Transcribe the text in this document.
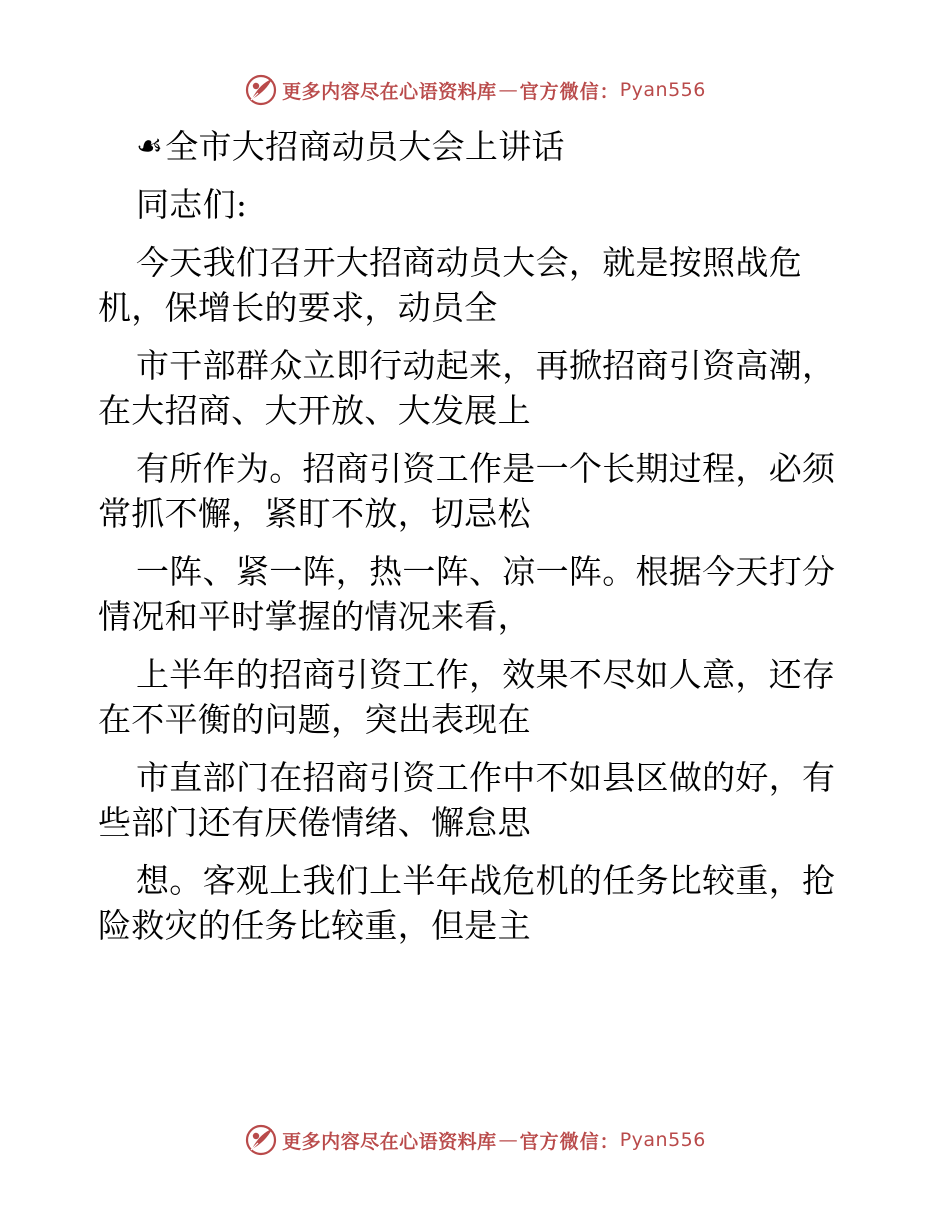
更多内容尽在心语资料库 — 官方微信： Pyan556

☙全市大招商动员大会上讲话

同志们:

今天我们召开大招商动员大会，就是按照战危

机，保增长的要求，动员全

市干部群众立即行动起来，再掀招商引资高潮，

在大招商、大开放、大发展上

有所作为。招商引资工作是一个长期过程，必须

常抓不懈，紧盯不放，切忌松

一阵、紧一阵，热一阵、凉一阵。根据今天打分

情况和平时掌握的情况来看，

上半年的招商引资工作，效果不尽如人意，还存

在不平衡的问题，突出表现在

市直部门在招商引资工作中不如县区做的好，有

些部门还有厌倦情绪、懈怠思

想。客观上我们上半年战危机的任务比较重，抢

险救灾的任务比较重，但是主

更多内容尽在心语资料库 — 官方微信： Pyan556
